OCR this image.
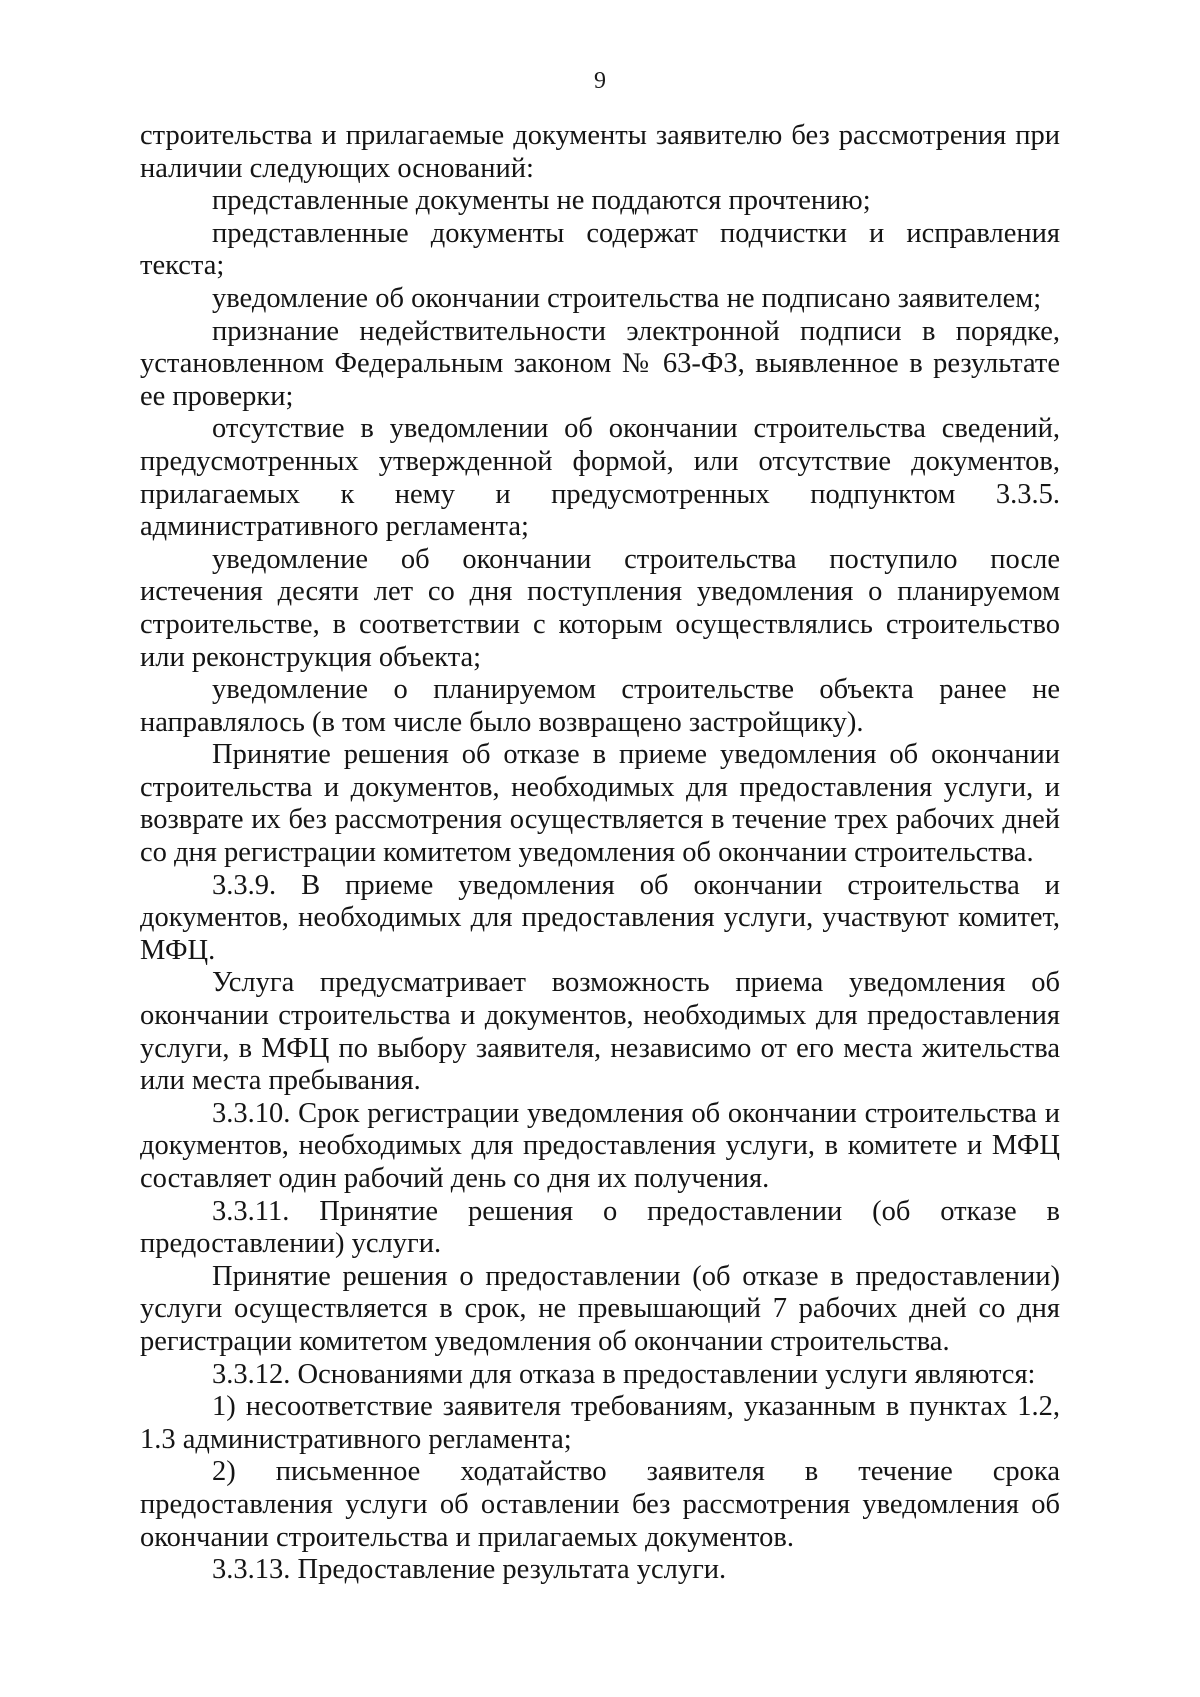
9

строительства и прилагаемые документы заявителю без рассмотрения при наличии следующих оснований:

представленные документы не поддаются прочтению;

представленные документы содержат подчистки и исправления текста;

уведомление об окончании строительства не подписано заявителем;

признание недействительности электронной подписи в порядке, установленном Федеральным законом № 63-ФЗ, выявленное в результате ее проверки;

отсутствие в уведомлении об окончании строительства сведений, предусмотренных утвержденной формой, или отсутствие документов, прилагаемых к нему и предусмотренных подпунктом 3.3.5. административного регламента;

уведомление об окончании строительства поступило после истечения десяти лет со дня поступления уведомления о планируемом строительстве, в соответствии с которым осуществлялись строительство или реконструкция объекта;

уведомление о планируемом строительстве объекта ранее не направлялось (в том числе было возвращено застройщику).

Принятие решения об отказе в приеме уведомления об окончании строительства и документов, необходимых для предоставления услуги, и возврате их без рассмотрения осуществляется в течение трех рабочих дней со дня регистрации комитетом уведомления об окончании строительства.

3.3.9. В приеме уведомления об окончании строительства и документов, необходимых для предоставления услуги, участвуют комитет, МФЦ.

Услуга предусматривает возможность приема уведомления об окончании строительства и документов, необходимых для предоставления услуги, в МФЦ по выбору заявителя, независимо от его места жительства или места пребывания.

3.3.10. Срок регистрации уведомления об окончании строительства и документов, необходимых для предоставления услуги, в комитете и МФЦ составляет один рабочий день со дня их получения.

3.3.11. Принятие решения о предоставлении (об отказе в предоставлении) услуги.

Принятие решения о предоставлении (об отказе в предоставлении) услуги осуществляется в срок, не превышающий 7 рабочих дней со дня регистрации комитетом уведомления об окончании строительства.

3.3.12. Основаниями для отказа в предоставлении услуги являются:

1) несоответствие заявителя требованиям, указанным в пунктах 1.2, 1.3 административного регламента;

2) письменное ходатайство заявителя в течение срока предоставления услуги об оставлении без рассмотрения уведомления об окончании строительства и прилагаемых документов.

3.3.13. Предоставление результата услуги.
